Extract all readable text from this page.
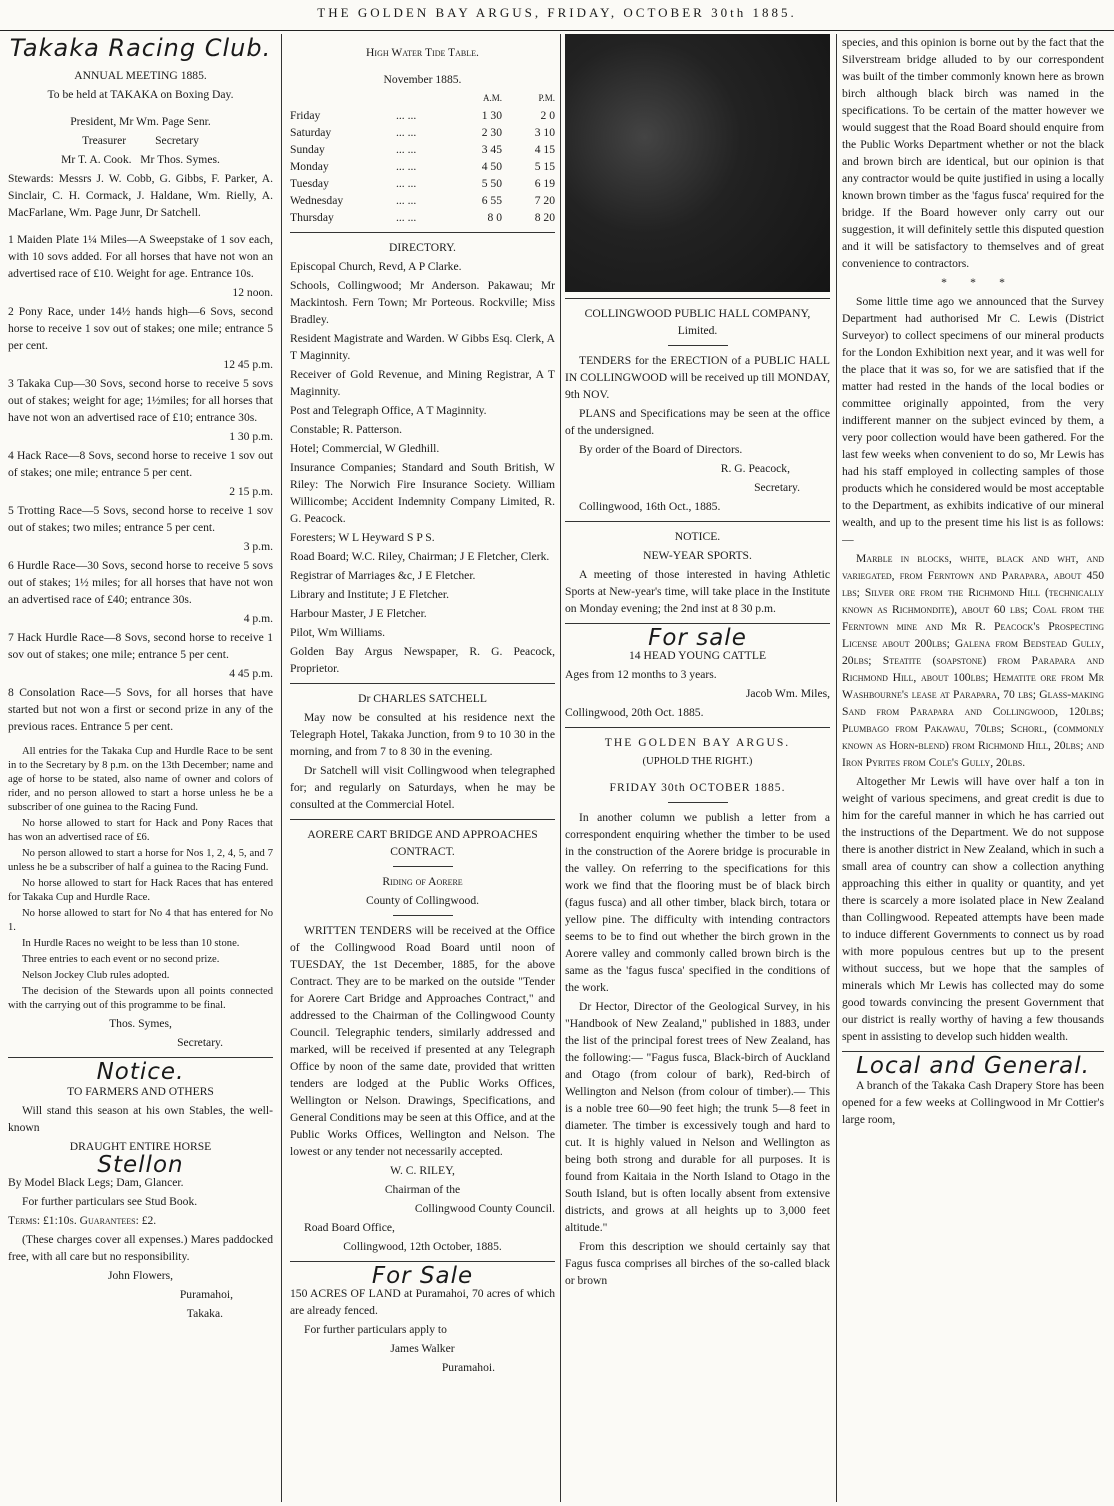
THE GOLDEN BAY ARGUS, FRIDAY, OCTOBER 30th 1885.
Takaka Racing Club.

ANNUAL MEETING 1885.

To be held at TAKAKA on Boxing Day.

President, Mr Wm. Page Senr.

Treasurer          Secretary

Mr T. A. Cook.   Mr Thos. Symes.

Stewards: Messrs J. W. Cobb, G. Gibbs, F. Parker, A. Sinclair, C. H. Cormack, J. Haldane, Wm. Rielly, A. MacFarlane, Wm. Page Junr, Dr Satchell.

1 Maiden Plate 1¼ Miles—A Sweepstake of 1 sov each, with 10 sovs added. For all horses that have not won an advertised race of £10. Weight for age. Entrance 10s.

12 noon.

2 Pony Race, under 14½ hands high—6 Sovs, second horse to receive 1 sov out of stakes; one mile; entrance 5 per cent.

12 45 p.m.

3 Takaka Cup—30 Sovs, second horse to receive 5 sovs out of stakes; weight for age; 1½miles; for all horses that have not won an advertised race of £10; entrance 30s.

1 30 p.m.

4 Hack Race—8 Sovs, second horse to receive 1 sov out of stakes; one mile; entrance 5 per cent.

2 15 p.m.

5 Trotting Race—5 Sovs, second horse to receive 1 sov out of stakes; two miles; entrance 5 per cent.

3 p.m.

6 Hurdle Race—30 Sovs, second horse to receive 5 sovs out of stakes; 1½ miles; for all horses that have not won an advertised race of £40; entrance 30s.

4 p.m.

7 Hack Hurdle Race—8 Sovs, second horse to receive 1 sov out of stakes; one mile; entrance 5 per cent.

4 45 p.m.

8 Consolation Race—5 Sovs, for all horses that have started but not won a first or second prize in any of the previous races. Entrance 5 per cent.

All entries for the Takaka Cup and Hurdle Race to be sent in to the Secretary by 8 p.m. on the 13th December; name and age of horse to be stated, also name of owner and colors of rider, and no person allowed to start a horse unless he be a subscriber of one guinea to the Racing Fund.

No horse allowed to start for Hack and Pony Races that has won an advertised race of £6.

No person allowed to start a horse for Nos 1, 2, 4, 5, and 7 unless he be a subscriber of half a guinea to the Racing Fund.

No horse allowed to start for Hack Races that has entered for Takaka Cup and Hurdle Race.

No horse allowed to start for No 4 that has entered for No 1.

In Hurdle Races no weight to be less than 10 stone.

Three entries to each event or no second prize.

Nelson Jockey Club rules adopted.

The decision of the Stewards upon all points connected with the carrying out of this programme to be final.

Thos. Symes,

Secretary.

Notice.

TO FARMERS AND OTHERS

Will stand this season at his own Stables, the well-known

DRAUGHT ENTIRE HORSE

Stellon

By Model Black Legs; Dam, Glancer.

For further particulars see Stud Book.

Terms: £1:10s. Guarantees: £2.

(These charges cover all expenses.) Mares paddocked free, with all care but no responsibility.

John Flowers,

Puramahoi,

Takaka.

High Water Tide Table.

November 1885.

		A.M.	P.M.
Friday	... ...	1 30	2 0
Saturday	... ...	2 30	3 10
Sunday	... ...	3 45	4 15
Monday	... ...	4 50	5 15
Tuesday	... ...	5 50	6 19
Wednesday	... ...	6 55	7 20
Thursday	... ...	8 0	8 20

DIRECTORY.

Episcopal Church, Revd, A P Clarke.

Schools, Collingwood; Mr Anderson. Pakawau; Mr Mackintosh. Fern Town; Mr Porteous. Rockville; Miss Bradley.

Resident Magistrate and Warden. W Gibbs Esq. Clerk, A T Maginnity.

Receiver of Gold Revenue, and Mining Registrar, A T Maginnity.

Post and Telegraph Office, A T Maginnity.

Constable; R. Patterson.

Hotel; Commercial, W Gledhill.

Insurance Companies; Standard and South British, W Riley: The Norwich Fire Insurance Society. William Willicombe; Accident Indemnity Company Limited, R. G. Peacock.

Foresters; W L Heyward S P S.

Road Board; W.C. Riley, Chairman; J E Fletcher, Clerk.

Registrar of Marriages &c, J E Fletcher.

Library and Institute; J E Fletcher.

Harbour Master, J E Fletcher.

Pilot, Wm Williams.

Golden Bay Argus Newspaper, R. G. Peacock, Proprietor.

Dr CHARLES SATCHELL

May now be consulted at his residence next the Telegraph Hotel, Takaka Junction, from 9 to 10 30 in the morning, and from 7 to 8 30 in the evening.

Dr Satchell will visit Collingwood when telegraphed for; and regularly on Saturdays, when he may be consulted at the Commercial Hotel.

AORERE CART BRIDGE AND APPROACHES CONTRACT.

Riding of Aorere

County of Collingwood.

WRITTEN TENDERS will be received at the Office of the Collingwood Road Board until noon of TUESDAY, the 1st December, 1885, for the above Contract. They are to be marked on the outside "Tender for Aorere Cart Bridge and Approaches Contract," and addressed to the Chairman of the Collingwood County Council. Telegraphic tenders, similarly addressed and marked, will be received if presented at any Telegraph Office by noon of the same date, provided that written tenders are lodged at the Public Works Offices, Wellington or Nelson. Drawings, Specifications, and General Conditions may be seen at this Office, and at the Public Works Offices, Wellington and Nelson. The lowest or any tender not necessarily accepted.

W. C. RILEY,

Chairman of the

Collingwood County Council.

Road Board Office,

Collingwood, 12th October, 1885.

For Sale

150 ACRES OF LAND at Puramahoi, 70 acres of which are already fenced.

For further particulars apply to

James Walker

Puramahoi.

COLLINGWOOD PUBLIC HALL COMPANY, Limited.

TENDERS for the ERECTION of a PUBLIC HALL IN COLLINGWOOD will be received up till MONDAY, 9th NOV.

PLANS and Specifications may be seen at the office of the undersigned.

By order of the Board of Directors.

R. G. Peacock,

Secretary.

Collingwood, 16th Oct., 1885.

NOTICE.

NEW-YEAR SPORTS.

A meeting of those interested in having Athletic Sports at New-year's time, will take place in the Institute on Monday evening; the 2nd inst at 8 30 p.m.

For sale

14 HEAD YOUNG CATTLE

Ages from 12 months to 3 years.

Jacob Wm. Miles,

Collingwood, 20th Oct. 1885.

THE GOLDEN BAY ARGUS.

(UPHOLD THE RIGHT.)

FRIDAY 30th OCTOBER 1885.

In another column we publish a letter from a correspondent enquiring whether the timber to be used in the construction of the Aorere bridge is procurable in the valley. On referring to the specifications for this work we find that the flooring must be of black birch (fagus fusca) and all other timber, black birch, totara or yellow pine. The difficulty with intending contractors seems to be to find out whether the birch grown in the Aorere valley and commonly called brown birch is the same as the 'fagus fusca' specified in the conditions of the work.

Dr Hector, Director of the Geological Survey, in his "Handbook of New Zealand," published in 1883, under the list of the principal forest trees of New Zealand, has the following:— "Fagus fusca, Black-birch of Auckland and Otago (from colour of bark), Red-birch of Wellington and Nelson (from colour of timber).— This is a noble tree 60—90 feet high; the trunk 5—8 feet in diameter. The timber is excessively tough and hard to cut. It is highly valued in Nelson and Wellington as being both strong and durable for all purposes. It is found from Kaitaia in the North Island to Otago in the South Island, but is often locally absent from extensive districts, and grows at all heights up to 3,000 feet altitude."

From this description we should certainly say that Fagus fusca comprises all birches of the so-called black or brown

species, and this opinion is borne out by the fact that the Silverstream bridge alluded to by our correspondent was built of the timber commonly known here as brown birch although black birch was named in the specifications. To be certain of the matter however we would suggest that the Road Board should enquire from the Public Works Department whether or not the black and brown birch are identical, but our opinion is that any contractor would be quite justified in using a locally known brown timber as the 'fagus fusca' required for the bridge. If the Board however only carry out our suggestion, it will definitely settle this disputed question and it will be satisfactory to themselves and of great convenience to contractors.

*        *        *

Some little time ago we announced that the Survey Department had authorised Mr C. Lewis (District Surveyor) to collect specimens of our mineral products for the London Exhibition next year, and it was well for the place that it was so, for we are satisfied that if the matter had rested in the hands of the local bodies or committee originally appointed, from the very indifferent manner on the subject evinced by them, a very poor collection would have been gathered. For the last few weeks when convenient to do so, Mr Lewis has had his staff employed in collecting samples of those products which he considered would be most acceptable to the Department, as exhibits indicative of our mineral wealth, and up to the present time his list is as follows:—

Marble in blocks, white, black and wht, and variegated, from Ferntown and Parapara, about 450 lbs; Silver ore from the Richmond Hill (technically known as Richmondite), about 60 lbs; Coal from the Ferntown mine and Mr R. Peacock's Prospecting License about 200lbs; Galena from Bedstead Gully, 20lbs; Steatite (soapstone) from Parapara and Richmond Hill, about 100lbs; Hematite ore from Mr Washbourne's lease at Parapara, 70 lbs; Glass-making Sand from Parapara and Collingwood, 120lbs; Plumbago from Pakawau, 70lbs; Schorl, (commonly known as Horn-blend) from Richmond Hill, 20lbs; and Iron Pyrites from Cole's Gully, 20lbs.

Altogether Mr Lewis will have over half a ton in weight of various specimens, and great credit is due to him for the careful manner in which he has carried out the instructions of the Department. We do not suppose there is another district in New Zealand, which in such a small area of country can show a collection anything approaching this either in quality or quantity, and yet there is scarcely a more isolated place in New Zealand than Collingwood. Repeated attempts have been made to induce different Governments to connect us by road with more populous centres but up to the present without success, but we hope that the samples of minerals which Mr Lewis has collected may do some good towards convincing the present Government that our district is really worthy of having a few thousands spent in assisting to develop such hidden wealth.

Local and General.

A branch of the Takaka Cash Drapery Store has been opened for a few weeks at Collingwood in Mr Cottier's large room,
